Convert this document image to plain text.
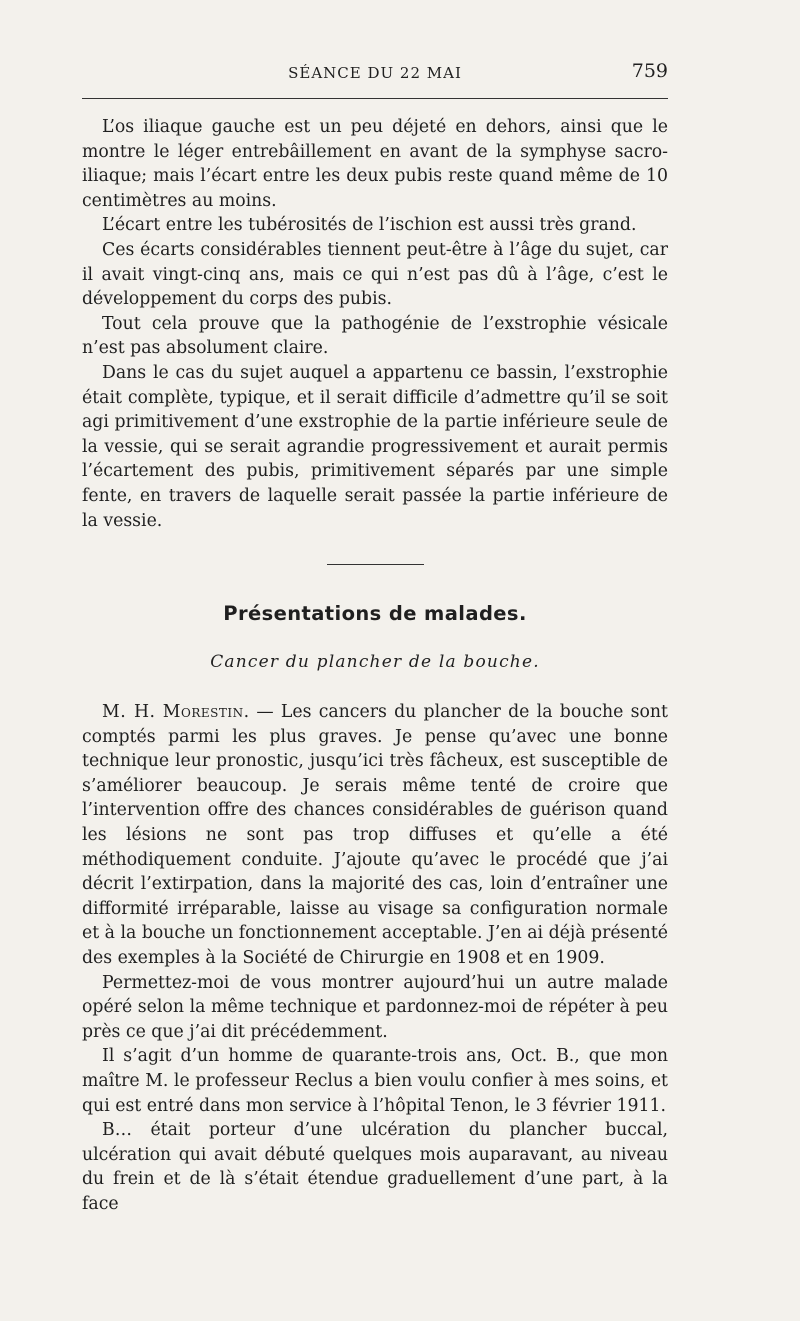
SÉANCE DU 22 MAI	759

L’os iliaque gauche est un peu déjeté en dehors, ainsi que le montre le léger entrebâillement en avant de la symphyse sacro-iliaque; mais l’écart entre les deux pubis reste quand même de 10 centimètres au moins.

L’écart entre les tubérosités de l’ischion est aussi très grand.

Ces écarts considérables tiennent peut-être à l’âge du sujet, car il avait vingt-cinq ans, mais ce qui n’est pas dû à l’âge, c’est le développement du corps des pubis.

Tout cela prouve que la pathogénie de l’exstrophie vésicale n’est pas absolument claire.

Dans le cas du sujet auquel a appartenu ce bassin, l’exstrophie était complète, typique, et il serait difficile d’admettre qu’il se soit agi primitivement d’une exstrophie de la partie inférieure seule de la vessie, qui se serait agrandie progressivement et aurait permis l’écartement des pubis, primitivement séparés par une simple fente, en travers de laquelle serait passée la partie inférieure de la vessie.

Présentations de malades.
Cancer du plancher de la bouche.

M. H. Morestin. — Les cancers du plancher de la bouche sont comptés parmi les plus graves. Je pense qu’avec une bonne technique leur pronostic, jusqu’ici très fâcheux, est susceptible de s’améliorer beaucoup. Je serais même tenté de croire que l’intervention offre des chances considérables de guérison quand les lésions ne sont pas trop diffuses et qu’elle a été méthodiquement conduite. J’ajoute qu’avec le procédé que j’ai décrit l’extirpation, dans la majorité des cas, loin d’entraîner une difformité irréparable, laisse au visage sa configuration normale et à la bouche un fonctionnement acceptable. J’en ai déjà présenté des exemples à la Société de Chirurgie en 1908 et en 1909.

Permettez-moi de vous montrer aujourd’hui un autre malade opéré selon la même technique et pardonnez-moi de répéter à peu près ce que j’ai dit précédemment.

Il s’agit d’un homme de quarante-trois ans, Oct. B., que mon maître M. le professeur Reclus a bien voulu confier à mes soins, et qui est entré dans mon service à l’hôpital Tenon, le 3 février 1911.

B… était porteur d’une ulcération du plancher buccal, ulcération qui avait débuté quelques mois auparavant, au niveau du frein et de là s’était étendue graduellement d’une part, à la face
